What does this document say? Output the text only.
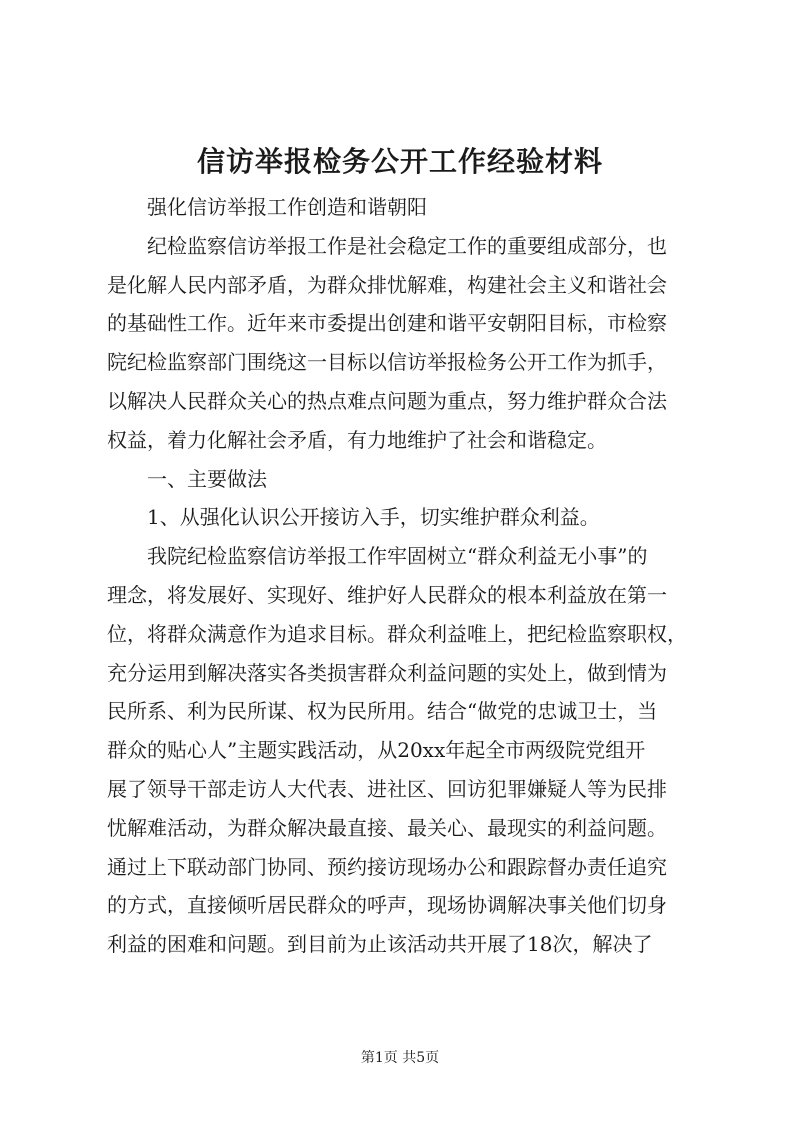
信访举报检务公开工作经验材料
强化信访举报工作创造和谐朝阳
纪检监察信访举报工作是社会稳定工作的重要组成部分，也
是化解人民内部矛盾，为群众排忧解难，构建社会主义和谐社会
的基础性工作。近年来市委提出创建和谐平安朝阳目标，市检察
院纪检监察部门围绕这一目标以信访举报检务公开工作为抓手，
以解决人民群众关心的热点难点问题为重点，努力维护群众合法
权益，着力化解社会矛盾，有力地维护了社会和谐稳定。
一、主要做法
1、从强化认识公开接访入手，切实维护群众利益。
我院纪检监察信访举报工作牢固树立“群众利益无小事”的
理念，将发展好、实现好、维护好人民群众的根本利益放在第一
位，将群众满意作为追求目标。群众利益唯上，把纪检监察职权，
充分运用到解决落实各类损害群众利益问题的实处上，做到情为
民所系、利为民所谋、权为民所用。结合“做党的忠诚卫士，当
群众的贴心人”主题实践活动，从20xx年起全市两级院党组开
展了领导干部走访人大代表、进社区、回访犯罪嫌疑人等为民排
忧解难活动，为群众解决最直接、最关心、最现实的利益问题。
通过上下联动部门协同、预约接访现场办公和跟踪督办责任追究
的方式，直接倾听居民群众的呼声，现场协调解决事关他们切身
利益的困难和问题。到目前为止该活动共开展了18次，解决了
第1页 共5页
